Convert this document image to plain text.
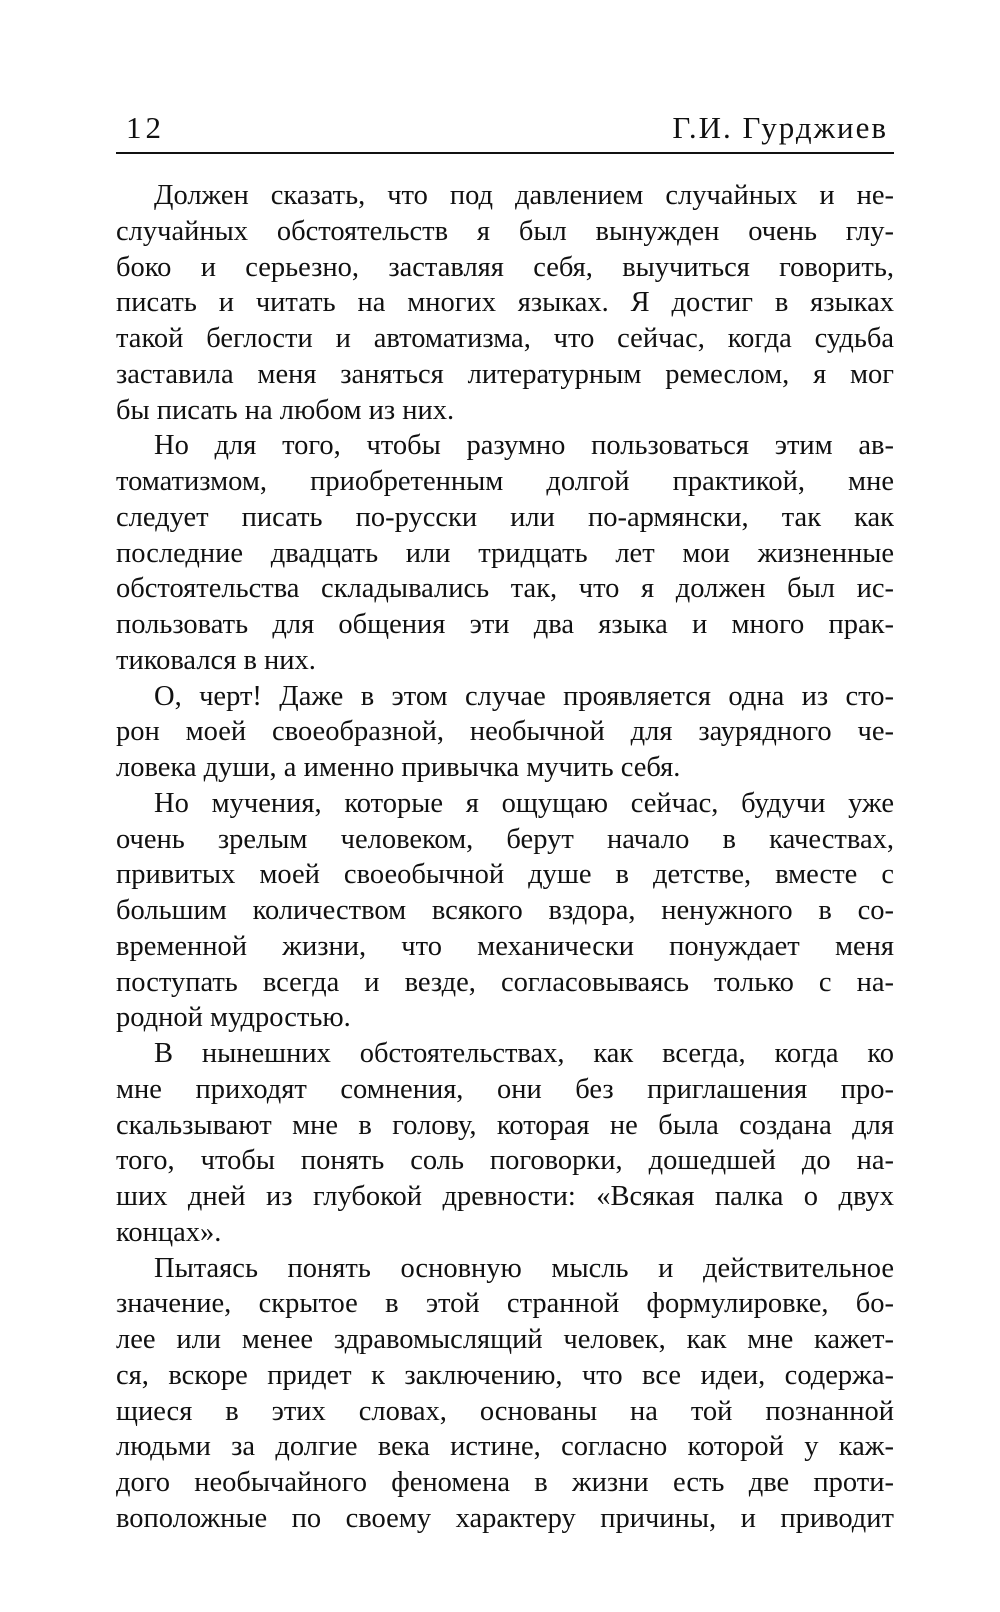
12	Г.И. Гурджиев
Должен сказать, что под давлением случайных и не-
случайных обстоятельств я был вынужден очень глу-
боко и серьезно, заставляя себя, выучиться говорить,
писать и читать на многих языках. Я достиг в языках
такой беглости и автоматизма, что сейчас, когда судьба
заставила меня заняться литературным ремеслом, я мог
бы писать на любом из них.
Но для того, чтобы разумно пользоваться этим ав-
томатизмом, приобретенным долгой практикой, мне
следует писать по-русски или по-армянски, так как
последние двадцать или тридцать лет мои жизненные
обстоятельства складывались так, что я должен был ис-
пользовать для общения эти два языка и много прак-
тиковался в них.
О, черт! Даже в этом случае проявляется одна из сто-
рон моей своеобразной, необычной для заурядного че-
ловека души, а именно привычка мучить себя.
Но мучения, которые я ощущаю сейчас, будучи уже
очень зрелым человеком, берут начало в качествах,
привитых моей своеобычной душе в детстве, вместе с
большим количеством всякого вздора, ненужного в со-
временной жизни, что механически понуждает меня
поступать всегда и везде, согласовываясь только с на-
родной мудростью.
В нынешних обстоятельствах, как всегда, когда ко
мне приходят сомнения, они без приглашения про-
скальзывают мне в голову, которая не была создана для
того, чтобы понять соль поговорки, дошедшей до на-
ших дней из глубокой древности: «Всякая палка о двух
концах».
Пытаясь понять основную мысль и действительное
значение, скрытое в этой странной формулировке, бо-
лее или менее здравомыслящий человек, как мне кажет-
ся, вскоре придет к заключению, что все идеи, содержа-
щиеся в этих словах, основаны на той познанной
людьми за долгие века истине, согласно которой у каж-
дого необычайного феномена в жизни есть две проти-
воположные по своему характеру причины, и приводит
